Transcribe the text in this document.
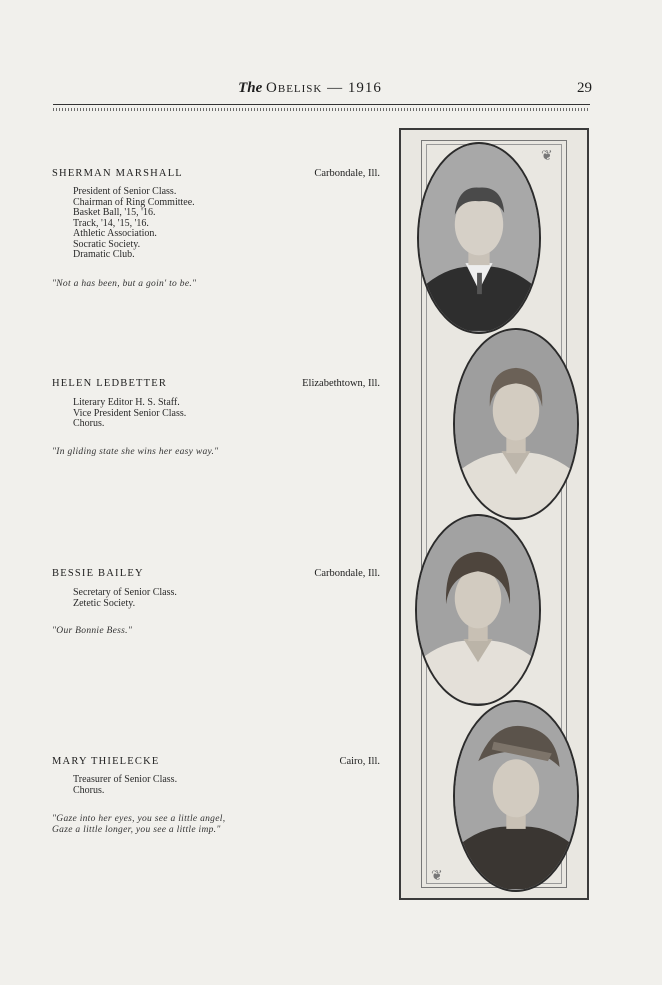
The Obelisk — 1916	29
SHERMAN MARSHALL	Carbondale, Ill.
President of Senior Class.
Chairman of Ring Committee.
Basket Ball, '15, '16.
Track, '14, '15, '16.
Athletic Association.
Socratic Society.
Dramatic Club.
"Not a has been, but a goin' to be."
HELEN LEDBETTER	Elizabethtown, Ill.
Literary Editor H. S. Staff.
Vice President Senior Class.
Chorus.
"In gliding state she wins her easy way."
BESSIE BAILEY	Carbondale, Ill.
Secretary of Senior Class.
Zetetic Society.
"Our Bonnie Bess."
MARY THIELECKE	Cairo, Ill.
Treasurer of Senior Class.
Chorus.
"Gaze into her eyes, you see a little angel,
Gaze a little longer, you see a little imp."
❦
❦
